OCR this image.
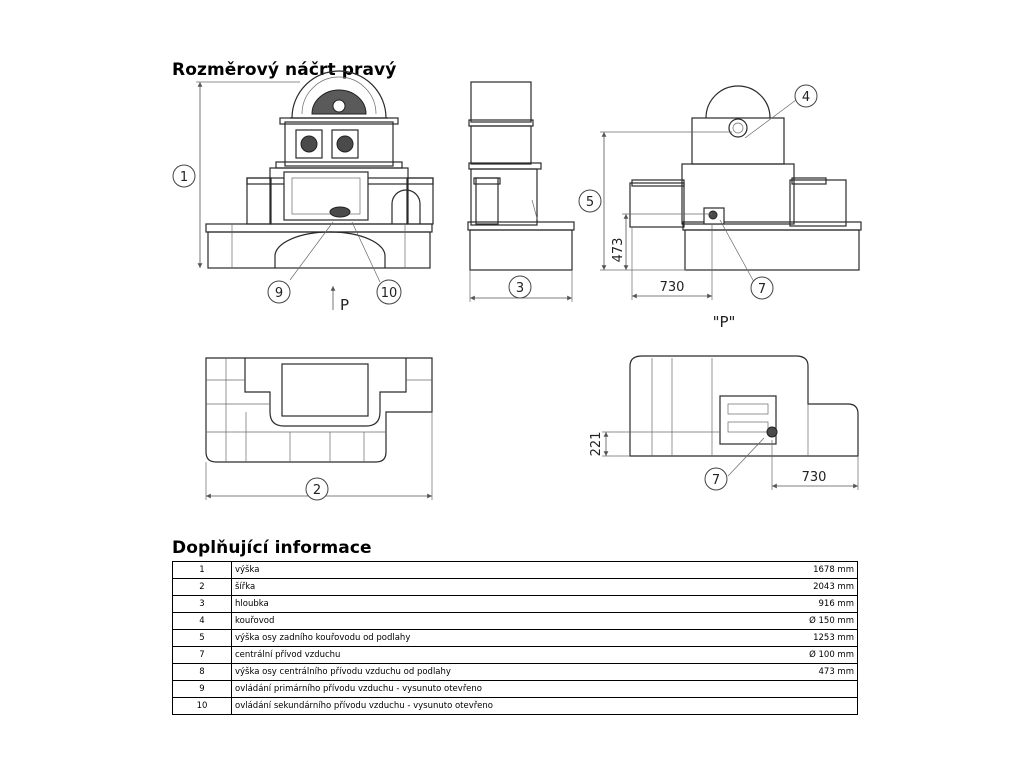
Rozměrový náčrt pravý
P
473
730
"P"
221
730
1
2
3
4
5
7
7
9	10
Doplňující informace
1	výška	1678 mm
2	šířka	2043 mm
3	hloubka	916 mm
4	kouřovod	Ø 150 mm
5	výška osy zadního kouřovodu od podlahy	1253 mm
7	centrální přívod vzduchu	Ø 100 mm
8	výška osy centrálního přívodu vzduchu od podlahy	473 mm
9	ovládání primárního přívodu vzduchu - vysunuto otevřeno	
10	ovládání sekundárního přívodu vzduchu - vysunuto otevřeno	
